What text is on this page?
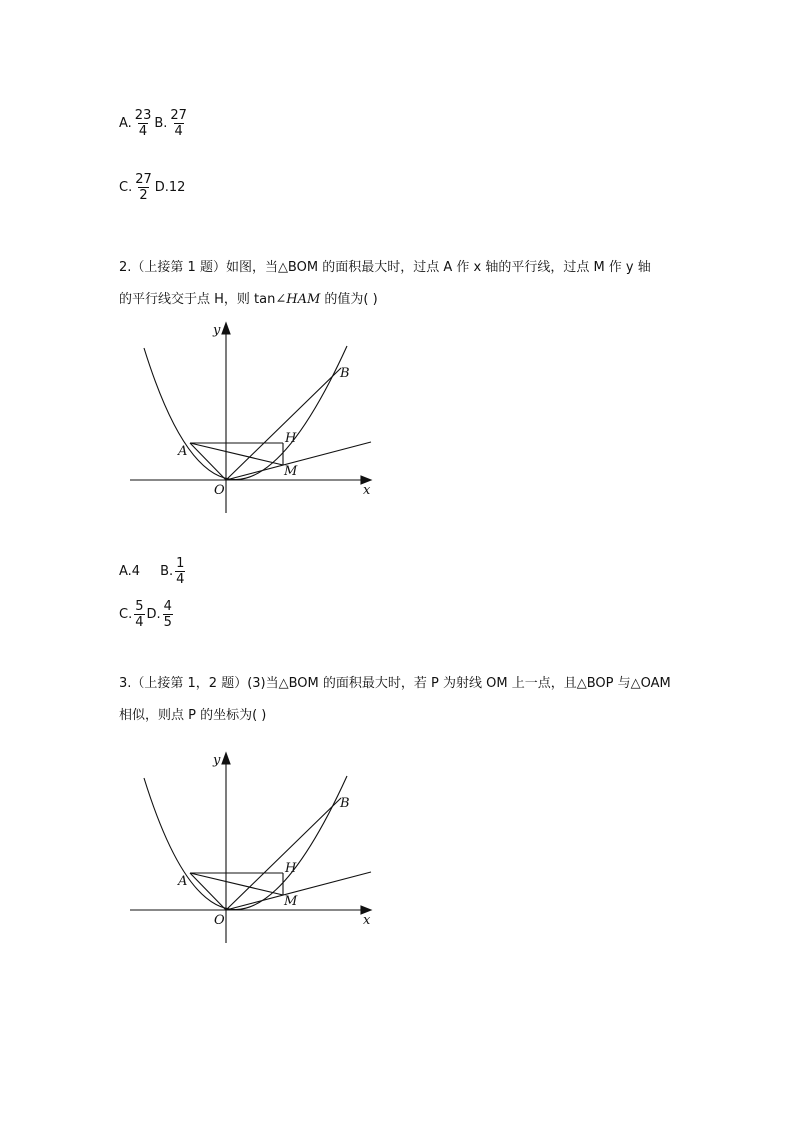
A. $\frac{23}{4} B$. $\frac{27}{4}$
C. $\frac{27}{2} D.12$
2.（上接第 1 题）如图，当△BOM 的面积最大时，过点 A 作 x 轴的平行线，过点 M 作 y 轴
的平行线交于点 H，则 tan∠HAM 的值为( )
y
x
O
A
B
H
M
A.4 B. $\frac{1}{4}$
C. $\frac{5}{4} D$. $\frac{4}{5}$
3.（上接第 1，2 题）(3)当△BOM 的面积最大时，若 P 为射线 OM 上一点，且△BOP 与△OAM
相似，则点 P 的坐标为( )
y
x
O
A
B
H
M
